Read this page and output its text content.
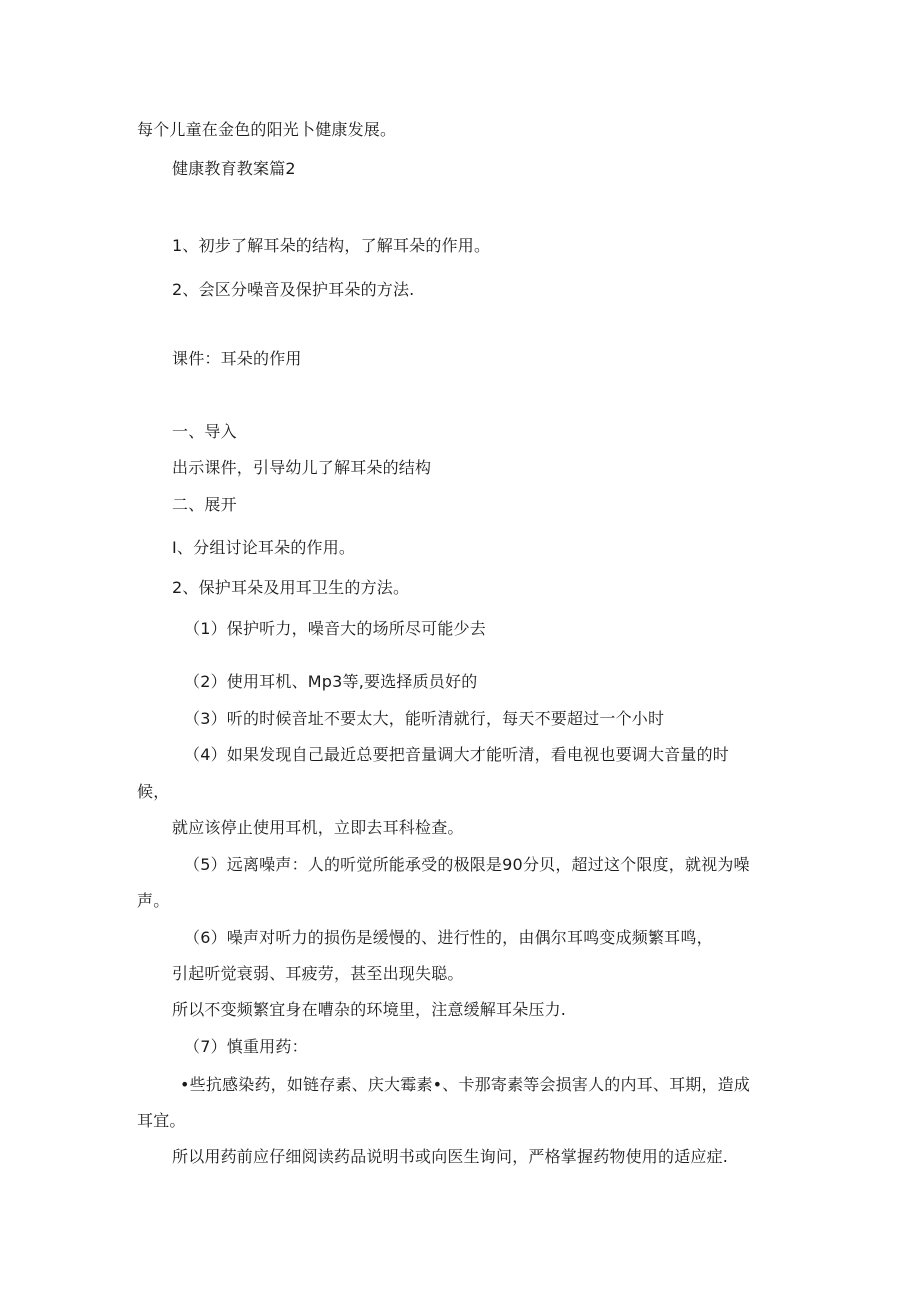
每个儿童在金色的阳光卜健康发展。
健康教育教案篇2
1、初步了解耳朵的结构，了解耳朵的作用。
2、会区分噪音及保护耳朵的方法.
课件：耳朵的作用
一、导入
出示课件，引导幼儿了解耳朵的结构
二、展开
I、分组讨论耳朵的作用。
2、保护耳朵及用耳卫生的方法。
（1）保护听力，噪音大的场所尽可能少去
（2）使用耳机、Mp3等,要选择质员好的
（3）听的时候音址不要太大，能听清就行，每天不要超过一个小时
（4）如果发现自己最近总要把音量调大才能听清，看电视也要调大音量的时
候，
就应该停止使用耳机，立即去耳科检查。
（5）远离噪声：人的听觉所能承受的极限是90分贝，超过这个限度，就视为噪
声。
（6）噪声对听力的损伤是缓慢的、进行性的，由偶尔耳鸣变成频繁耳鸣，
引起听觉衰弱、耳疲劳，甚至出现失聪。
所以不变频繁宜身在嘈杂的环境里，注意缓解耳朵压力.
（7）慎重用药：
•些抗感染药，如链存素、庆大霉素•、卡那寄素等会损害人的内耳、耳期，造成
耳宜。
所以用药前应仔细阅读药品说明书或向医生询问，严格掌握药物使用的适应症.
